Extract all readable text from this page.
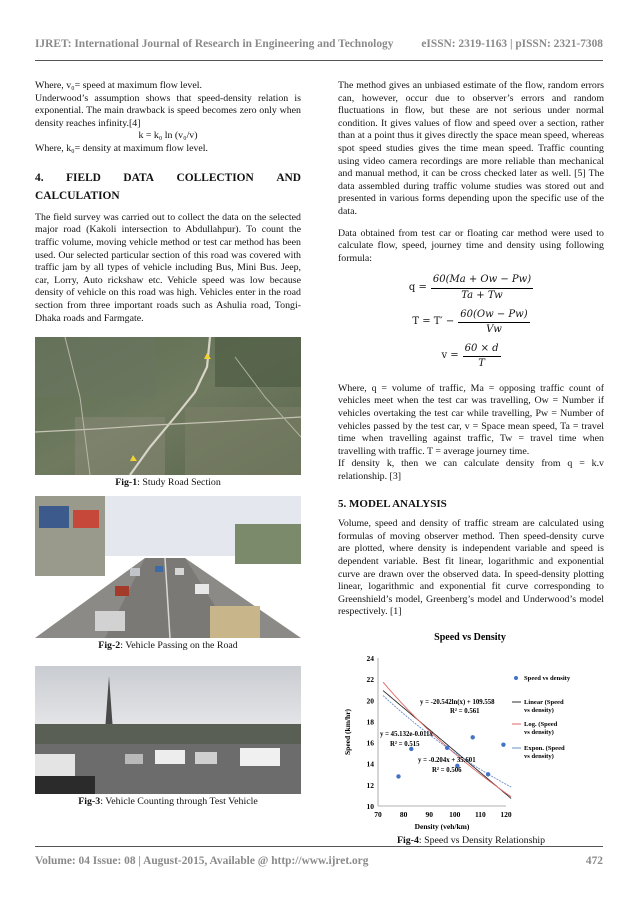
IJRET: International Journal of Research in Engineering and Technology eISSN: 2319-1163 | pISSN: 2321-7308

Where, v₀= speed at maximum flow level.

Underwood’s assumption shows that speed-density relation is exponential. The main drawback is speed becomes zero only when density reaches infinity.[4]

k = k₀ ln (v₀/v)

Where, k₀= density at maximum flow level.

4. FIELD DATA COLLECTION AND
CALCULATION

The field survey was carried out to collect the data on the selected major road (Kakoli intersection to Abdullahpur). To count the traffic volume, moving vehicle method or test car method has been used. Our selected particular section of this road was covered with traffic jam by all types of vehicle including Bus, Mini Bus. Jeep, car, Lorry, Auto rickshaw etc. Vehicle speed was low because density of vehicle on this road was high. Vehicles enter in the road section from three important roads such as Ashulia road, Tongi-Dhaka roads and Farmgate.

Fig-1: Study Road Section
Fig-2: Vehicle Passing on the Road
Fig-3: Vehicle Counting through Test Vehicle

The method gives an unbiased estimate of the flow, random errors can, however, occur due to observer’s errors and random fluctuations in flow, but these are not serious under normal condition. It gives values of flow and speed over a section, rather than at a point thus it gives directly the space mean speed, whereas spot speed studies gives the time mean speed. Traffic counting using video camera recordings are more reliable than mechanical and manual method, it can be cross checked later as well. [5] The data assembled during traffic volume studies was stored out and presented in various forms depending upon the specific use of the data.

Data obtained from test car or floating car method were used to calculate flow, speed, journey time and density using following formula:

$q = \frac{60(Ma + Ow - Pw)}{Ta + Tw}$
$T = T' - \frac{60(Ow - Pw)}{Vw}$
$v = \frac{60 \times d}{T}$

Where, q = volume of traffic, Ma = opposing traffic count of vehicles meet when the test car was travelling, Ow = Number if vehicles overtaking the test car while travelling, Pw = Number of vehicles passed by the test car, v = Space mean speed, Ta = travel time when travelling against traffic, Tw = travel time when travelling with traffic. T = average journey time.

If density k, then we can calculate density from q = k.v relationship. [3]

5. MODEL ANALYSIS

Volume, speed and density of traffic stream are calculated using formulas of moving observer method. Then speed-density curve are plotted, where density is independent variable and speed is dependent variable. Best fit linear, logarithmic and exponential curve are drawn over the observed data. In speed-density plotting linear, logarithmic and exponential fit curve corresponding to Greenshield’s model, Greenberg’s model and Underwood’s model respectively. [1]

Speed vs Density
10
12
14
16
18
20
22
24
70 80 90 100 110 120
Density (veh/km)
Speed (km/hr)
y = -20.542ln(x) + 109.558
R² = 0.561
y = 45.132e-0.011x
R² = 0.515
y = -0.204x + 35.601
R² = 0.506
Speed vs density
Linear (Speed
vs density)
Log. (Speed
vs density)
Expon. (Speed
vs density)
Fig-4: Speed vs Density Relationship
Volume: 04 Issue: 08 | August-2015, Available @ http://www.ijret.org	472
